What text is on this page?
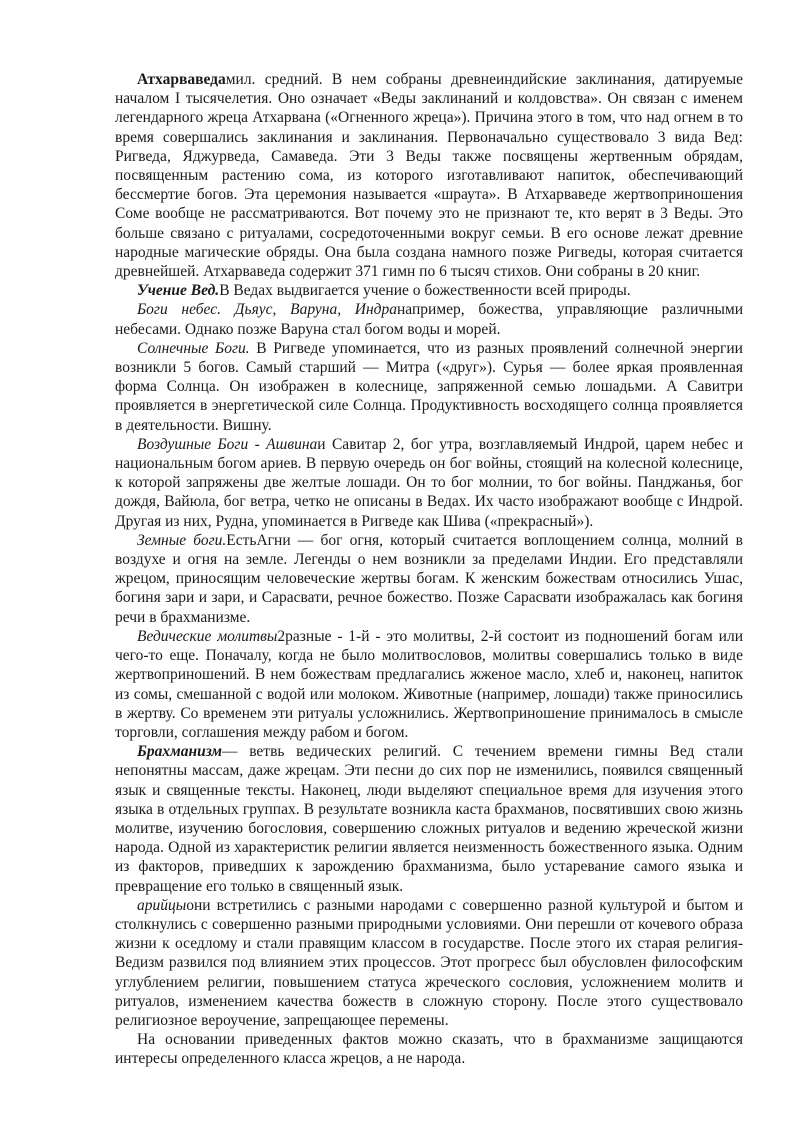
Атхарваведамил. средний. В нем собраны древнеиндийские заклинания, датируемые началом I тысячелетия. Оно означает «Веды заклинаний и колдовства». Он связан с именем легендарного жреца Атхарвана («Огненного жреца»). Причина этого в том, что над огнем в то время совершались заклинания и заклинания. Первоначально существовало 3 вида Вед: Ригведа, Яджурведа, Самаведа. Эти 3 Веды также посвящены жертвенным обрядам, посвященным растению сома, из которого изготавливают напиток, обеспечивающий бессмертие богов. Эта церемония называется «шраута». В Атхарваведе жертвоприношения Соме вообще не рассматриваются. Вот почему это не признают те, кто верят в 3 Веды. Это больше связано с ритуалами, сосредоточенными вокруг семьи. В его основе лежат древние народные магические обряды. Она была создана намного позже Ригведы, которая считается древнейшей. Атхарваведа содержит 371 гимн по 6 тысяч стихов. Они собраны в 20 книг.

Учение Вед.В Ведах выдвигается учение о божественности всей природы.

Боги небес. Дьяус, Варуна, Индранапример, божества, управляющие различными небесами. Однако позже Варуна стал богом воды и морей.

Солнечные Боги. В Ригведе упоминается, что из разных проявлений солнечной энергии возникли 5 богов. Самый старший — Митра («друг»). Сурья — более яркая проявленная форма Солнца. Он изображен в колеснице, запряженной семью лошадьми. А Савитри проявляется в энергетической силе Солнца. Продуктивность восходящего солнца проявляется в деятельности. Вишну.

Воздушные Боги - Ашвинаи Савитар 2, бог утра, возглавляемый Индрой, царем небес и национальным богом ариев. В первую очередь он бог войны, стоящий на колесной колеснице, к которой запряжены две желтые лошади. Он то бог молнии, то бог войны. Панджанья, бог дождя, Вайюла, бог ветра, четко не описаны в Ведах. Их часто изображают вообще с Индрой. Другая из них, Рудна, упоминается в Ригведе как Шива («прекрасный»).

Земные боги.ЕстьАгни — бог огня, который считается воплощением солнца, молний в воздухе и огня на земле. Легенды о нем возникли за пределами Индии. Его представляли жрецом, приносящим человеческие жертвы богам. К женским божествам относились Ушас, богиня зари и зари, и Сарасвати, речное божество. Позже Сарасвати изображалась как богиня речи в брахманизме.

Ведические молитвы2разные - 1-й - это молитвы, 2-й состоит из подношений богам или чего-то еще. Поначалу, когда не было молитвословов, молитвы совершались только в виде жертвоприношений. В нем божествам предлагались жженое масло, хлеб и, наконец, напиток из сомы, смешанной с водой или молоком. Животные (например, лошади) также приносились в жертву. Со временем эти ритуалы усложнились. Жертвоприношение принималось в смысле торговли, соглашения между рабом и богом.

Брахманизм— ветвь ведических религий. С течением времени гимны Вед стали непонятны массам, даже жрецам. Эти песни до сих пор не изменились, появился священный язык и священные тексты. Наконец, люди выделяют специальное время для изучения этого языка в отдельных группах. В результате возникла каста брахманов, посвятивших свою жизнь молитве, изучению богословия, совершению сложных ритуалов и ведению жреческой жизни народа. Одной из характеристик религии является неизменность божественного языка. Одним из факторов, приведших к зарождению брахманизма, было устаревание самого языка и превращение его только в священный язык.

арийцыони встретились с разными народами с совершенно разной культурой и бытом и столкнулись с совершенно разными природными условиями. Они перешли от кочевого образа жизни к оседлому и стали правящим классом в государстве. После этого их старая религия- Ведизм развился под влиянием этих процессов. Этот прогресс был обусловлен философским углублением религии, повышением статуса жреческого сословия, усложнением молитв и ритуалов, изменением качества божеств в сложную сторону. После этого существовало религиозное вероучение, запрещающее перемены.

На основании приведенных фактов можно сказать, что в брахманизме защищаются интересы определенного класса жрецов, а не народа.
